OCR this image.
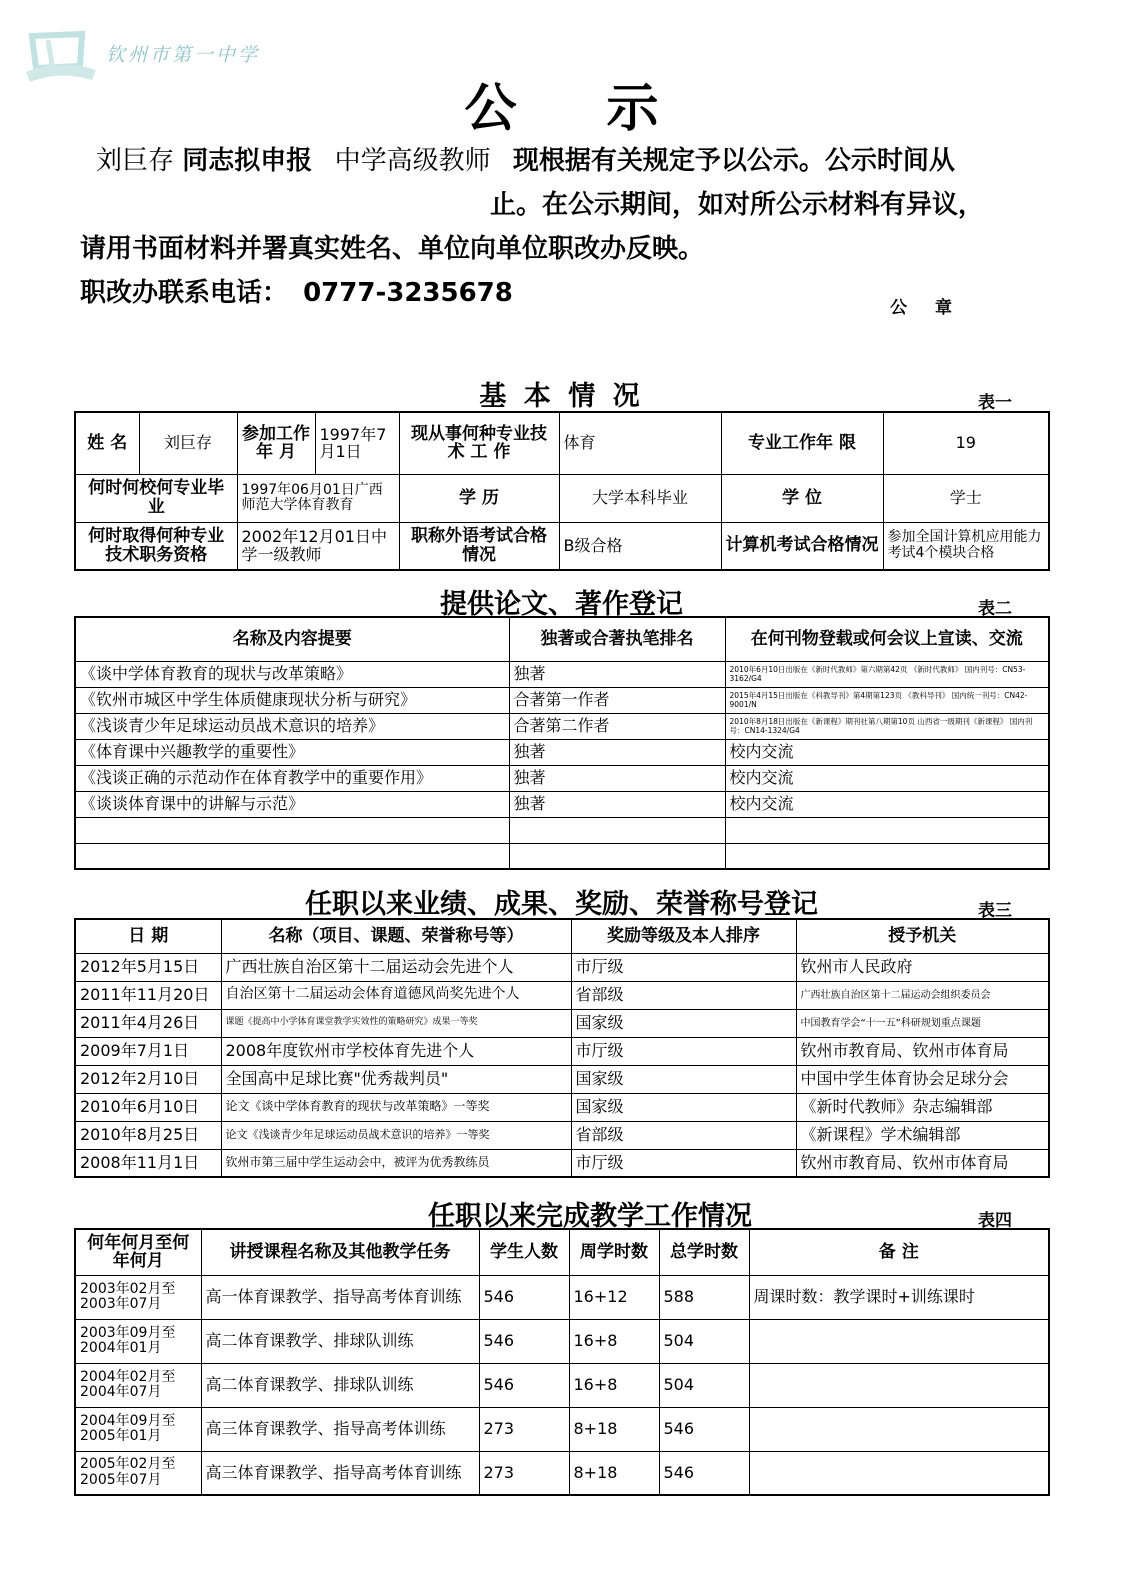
钦州市第一中学
公示
刘巨存 同志拟申报 中学高级教师 现根据有关规定予以公示。公示时间从
止。在公示期间，如对所公示材料有异议，
请用书面材料并署真实姓名、单位向单位职改办反映。
职改办联系电话： 0777-3235678	公章
基 本 情 况	表一
姓 名	刘巨存	参加工作年 月	1997年7月1日	现从事何种专业技 术 工 作	体育	专业工作年 限	19
何时何校何专业毕 业		1997年06月01日广西师范大学体育教育		学 历	大学本科毕业	学 位	学士
何时取得何种专业技术职务资格		2002年12月01日中学一级教师		职称外语考试合格情况	B级合格	计算机考试合格情况	参加全国计算机应用能力考试4个模块合格
提供论文、著作登记	表二
名称及内容提要	独著或合著执笔排名	在何刊物登载或何会议上宣读、交流
《谈中学体育教育的现状与改革策略》	独著	2010年6月10日出版在《新时代教师》第六期第42页 《新时代教师》 国内刊号：CN53-3162/G4
《钦州市城区中学生体质健康现状分析与研究》	合著第一作者	2015年4月15日出版在《科教导刊》第4期第123页 《教科导刊》 国内统一刊号：CN42-9001/N
《浅谈青少年足球运动员战术意识的培养》	合著第二作者	2010年8月18日出版在《新课程》期刊社第八期第10页 山西省一级期刊《新课程》 国内刊号：CN14-1324/G4
《体育课中兴趣教学的重要性》	独著	校内交流
《浅谈正确的示范动作在体育教学中的重要作用》	独著	校内交流
《谈谈体育课中的讲解与示范》	独著	校内交流

任职以来业绩、成果、奖励、荣誉称号登记	表三
日 期	名称（项目、课题、荣誉称号等）	奖励等级及本人排序	授予机关
2012年5月15日	广西壮族自治区第十二届运动会先进个人	市厅级	钦州市人民政府
2011年11月20日	自治区第十二届运动会体育道德风尚奖先进个人	省部级	广西壮族自治区第十二届运动会组织委员会
2011年4月26日	课题《提高中小学体育课堂教学实效性的策略研究》成果一等奖	国家级	中国教育学会“十一五”科研规划重点课题
2009年7月1日	2008年度钦州市学校体育先进个人	市厅级	钦州市教育局、钦州市体育局
2012年2月10日	全国高中足球比赛"优秀裁判员"	国家级	中国中学生体育协会足球分会
2010年6月10日	论文《谈中学体育教育的现状与改革策略》一等奖	国家级	《新时代教师》杂志编辑部
2010年8月25日	论文《浅谈青少年足球运动员战术意识的培养》一等奖	省部级	《新课程》学术编辑部
2008年11月1日	钦州市第三届中学生运动会中，被评为优秀教练员	市厅级	钦州市教育局、钦州市体育局
任职以来完成教学工作情况	表四
何年何月至何年何月	讲授课程名称及其他教学任务	学生人数	周学时数	总学时数	备 注
2003年02月至2003年07月	高一体育课教学、指导高考体育训练	546	16+12	588	周课时数：教学课时+训练课时
2003年09月至2004年01月	高二体育课教学、排球队训练	546	16+8	504	
2004年02月至2004年07月	高二体育课教学、排球队训练	546	16+8	504	
2004年09月至2005年01月	高三体育课教学、指导高考体训练	273	8+18	546	
2005年02月至2005年07月	高三体育课教学、指导高考体育训练	273	8+18	546	
